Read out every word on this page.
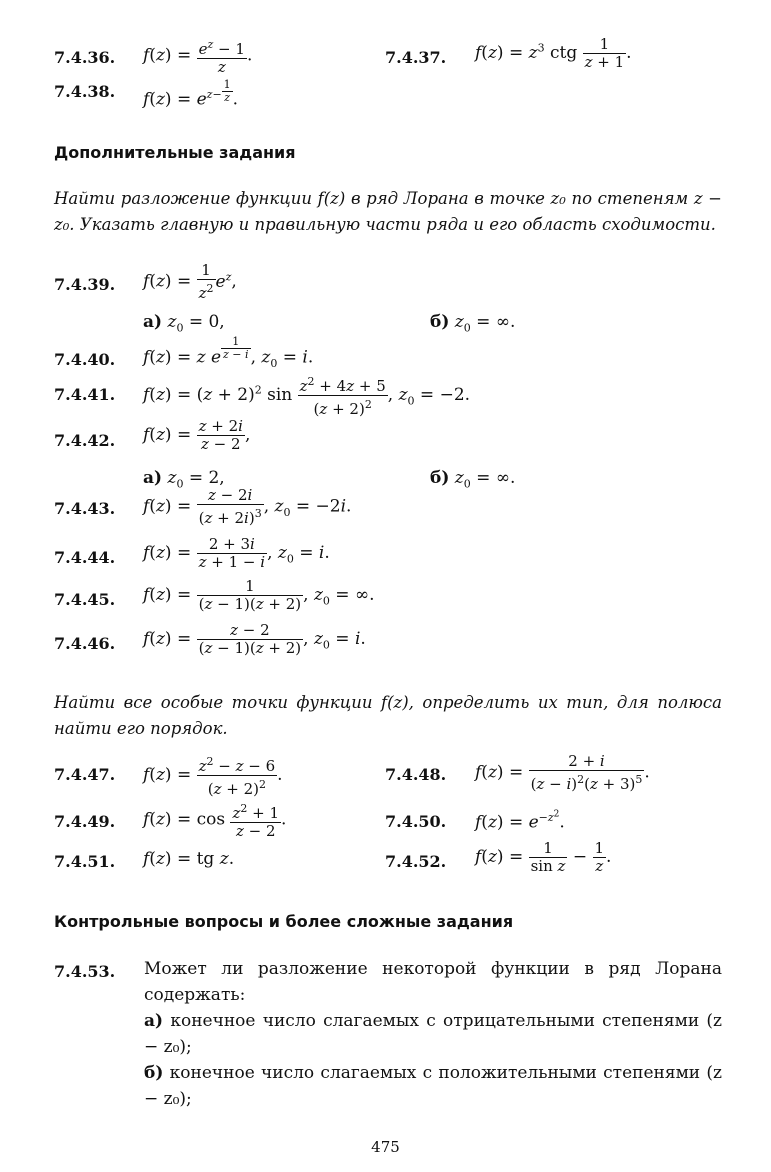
7.4.36. $f(z) = \frac{e^z - 1}{z}$ .	7.4.37. $f(z) = z^3$ ctg $\frac{1}{z + 1}$ .
7.4.38. $f(z) = e^{z- \frac{1}{z}}$ .
Дополнительные задания
Найти разложение функции f(z) в ряд Лорана в точке z₀ по степеням z − z₀. Указать главную и правильную части ряда и его область сходимости.
7.4.39. $f(z) = \frac{1}{z^2} e^z$,
а) $z_0 = 0$,	б) $z_0$ = ∞.
7.4.40. f(z) = z e $^{\frac{1}{z - i}}$ , $z_0 = i$.
7.4.41. $f(z) = (z + 2)^2$ $\sin \frac{z^2 + 4z + 5}{(z + 2)^2}$ , $z_0 = -2$.
7.4.42. $f(z) = \frac{z + 2i}{z - 2}$ ,
а) $z_0 = 2$,	б) $z_0$ = ∞.
7.4.43. $f(z) = \frac{z - 2i}{(z + 2i)^3}$ , $z_0 = -2i$.
7.4.44. $f(z) = \frac{2 + 3i}{z + 1 - i}$ , $z_0 = i$.
7.4.45. $f(z) = \frac{1}{(z - 1)(z + 2)}$ , $z_0$ = ∞.
7.4.46. $f(z) = \frac{z - 2}{(z - 1)(z + 2)}$ , $z_0 = i$.
Найти все особые точки функции f(z), определить их тип, для полюса найти его порядок.
7.4.47. $f(z) = \frac{z^2 - z - 6}{(z + 2)^2}$ .	7.4.48. $f(z) = \frac{2 + i}{(z - i)^2(z + 3)^5}$ .
7.4.49. $f(z) = \cos \frac{z^2 + 1}{z - 2}$ .	7.4.50. $f(z) = e^{-z^2}$.
7.4.51. f(z) = tg z.	7.4.52. $f(z) = \frac{1}{\text{sin z}} - \frac{1}{z}$ .
Контрольные вопросы и более сложные задания
7.4.53. Может ли разложение некоторой функции в ряд Лорана содержать:
а) конечное число слагаемых с отрицательными степенями (z − z₀);
б) конечное число слагаемых с положительными степенями (z − z₀);
475
